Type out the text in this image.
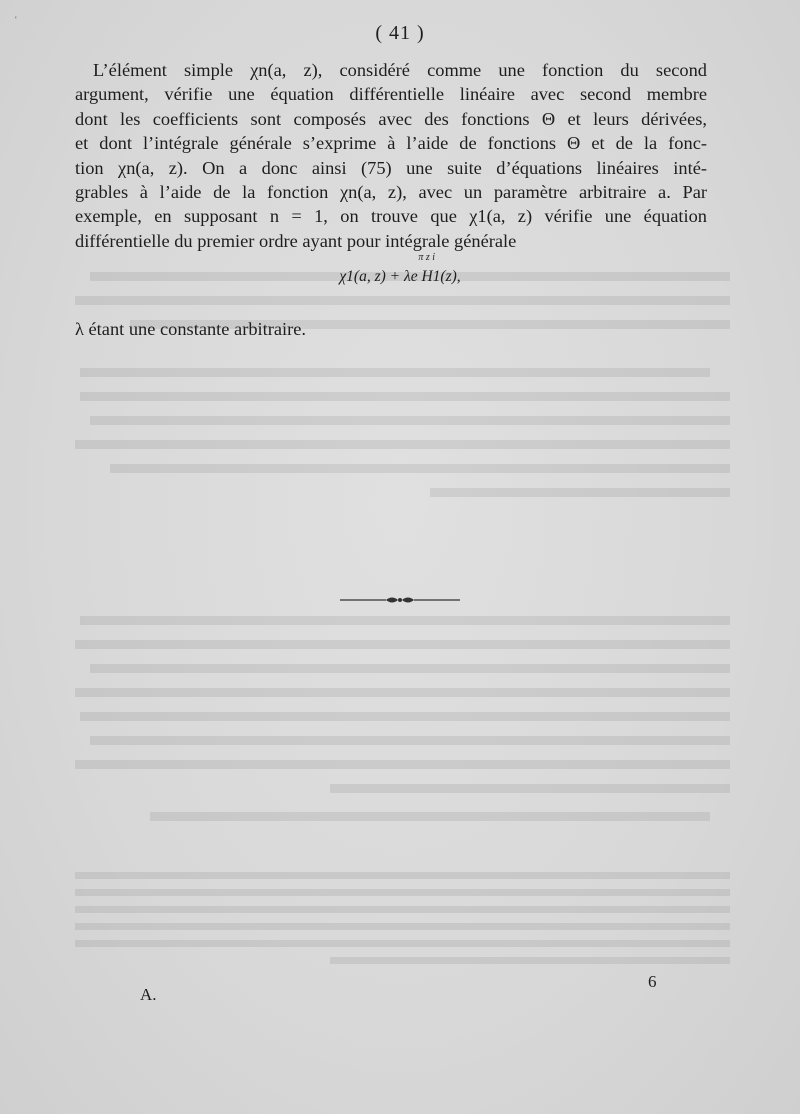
ʻ
( 41 )
L’élément simple χn(a, z), considéré comme une fonction du second
argument, vérifie une équation différentielle linéaire avec second membre
dont les coefficients sont composés avec des fonctions Θ et leurs dérivées,
et dont l’intégrale générale s’exprime à l’aide de fonctions Θ et de la fonc-
tion χn(a, z). On a donc ainsi (75) une suite d’équations linéaires inté-
grables à l’aide de la fonction χn(a, z), avec un paramètre arbitraire a. Par
exemple, en supposant n = 1, on trouve que χ1(a, z) vérifie une équation
différentielle du premier ordre ayant pour intégrale générale
χ1(a, z) + λe
π z i
H1(z),
λ étant une constante arbitraire.
A.
6
